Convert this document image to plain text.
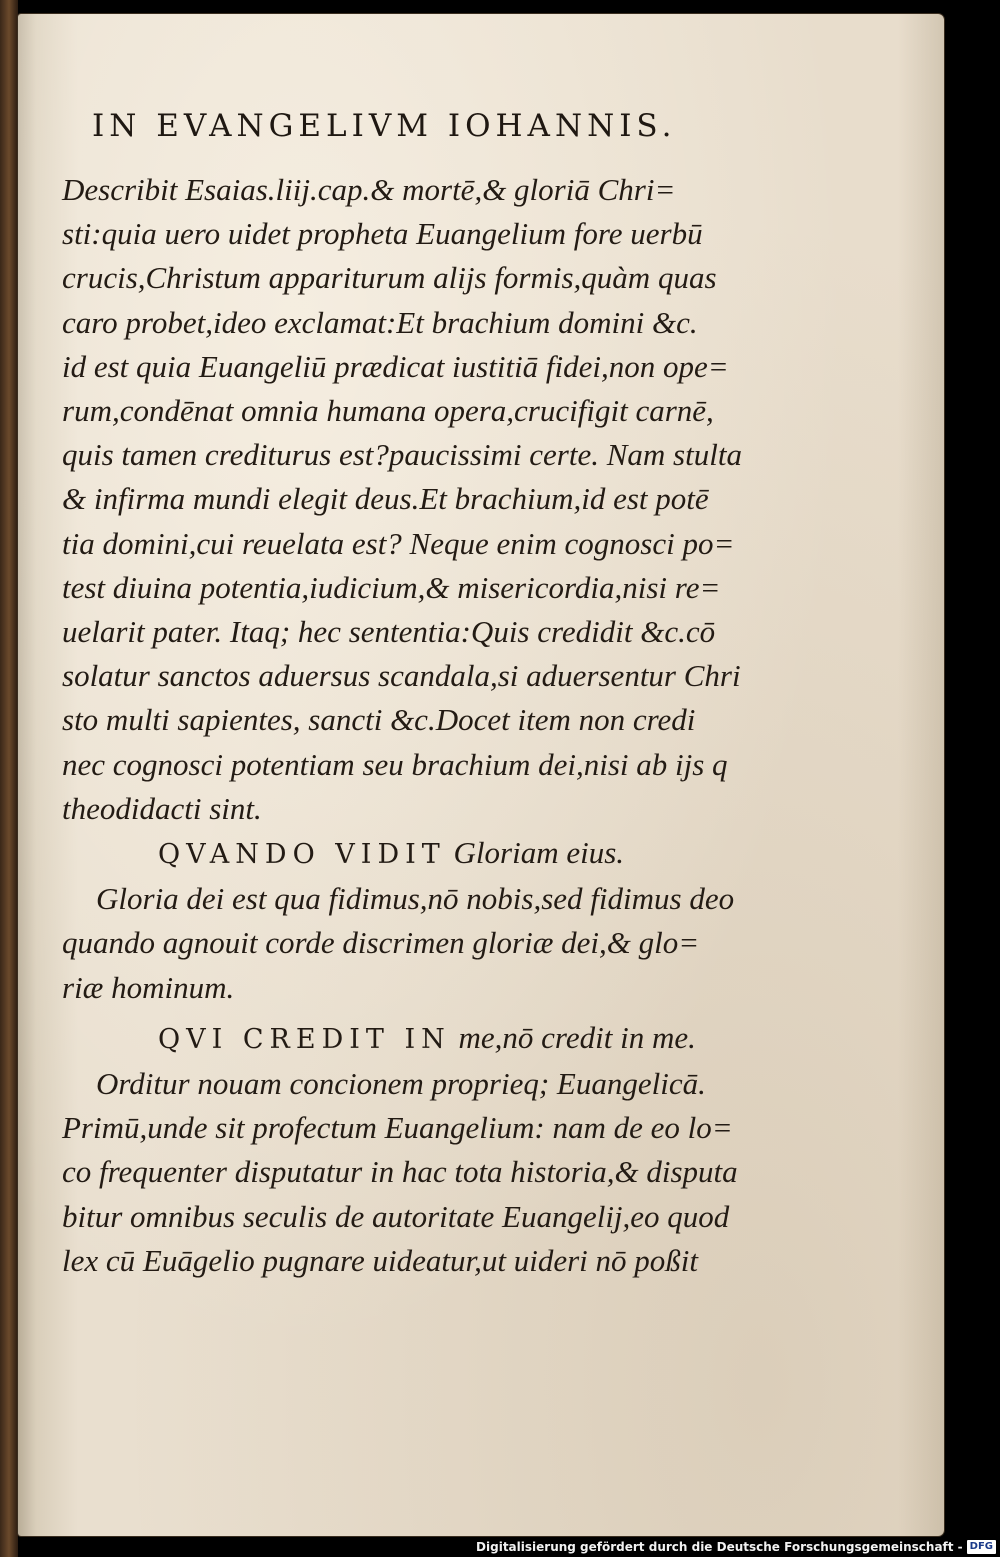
IN EVANGELIVM IOHANNIS.

Describit Esaias.liij.cap.& mortē,& gloriā Chri=
sti:quia uero uidet propheta Euangelium fore uerbū
crucis,Christum appariturum alijs formis,quàm quas
caro probet,ideo exclamat:Et brachium domini &c.
id est quia Euangeliū prædicat iustitiā fidei,non ope=
rum,condēnat omnia humana opera,crucifigit carnē,
quis tamen crediturus est?paucissimi certe. Nam stulta
& infirma mundi elegit deus.Et brachium,id est potē
tia domini,cui reuelata est? Neque enim cognosci po=
test diuina potentia,iudicium,& misericordia,nisi re=
uelarit pater. Itaq; hec sententia:Quis credidit &c.cō
solatur sanctos aduersus scandala,si aduersentur Chri
sto multi sapientes, sancti &c.Docet item non credi
nec cognosci potentiam seu brachium dei,nisi ab ijs q
theodidacti sint.

QVANDO VIDIT Gloriam eius.
Gloria dei est qua fidimus,nō nobis,sed fidimus deo
quando agnouit corde discrimen gloriæ dei,& glo=
riæ hominum.

QVI CREDIT IN me,nō credit in me.
Orditur nouam concionem proprieq; Euangelicā.
Primū,unde sit profectum Euangelium: nam de eo lo=
co frequenter disputatur in hac tota historia,& disputa
bitur omnibus seculis de autoritate Euangelij,eo quod
lex cū Euāgelio pugnare uideatur,ut uideri nō poßit

Digitalisierung gefördert durch die Deutsche Forschungsgemeinschaft - DFG
